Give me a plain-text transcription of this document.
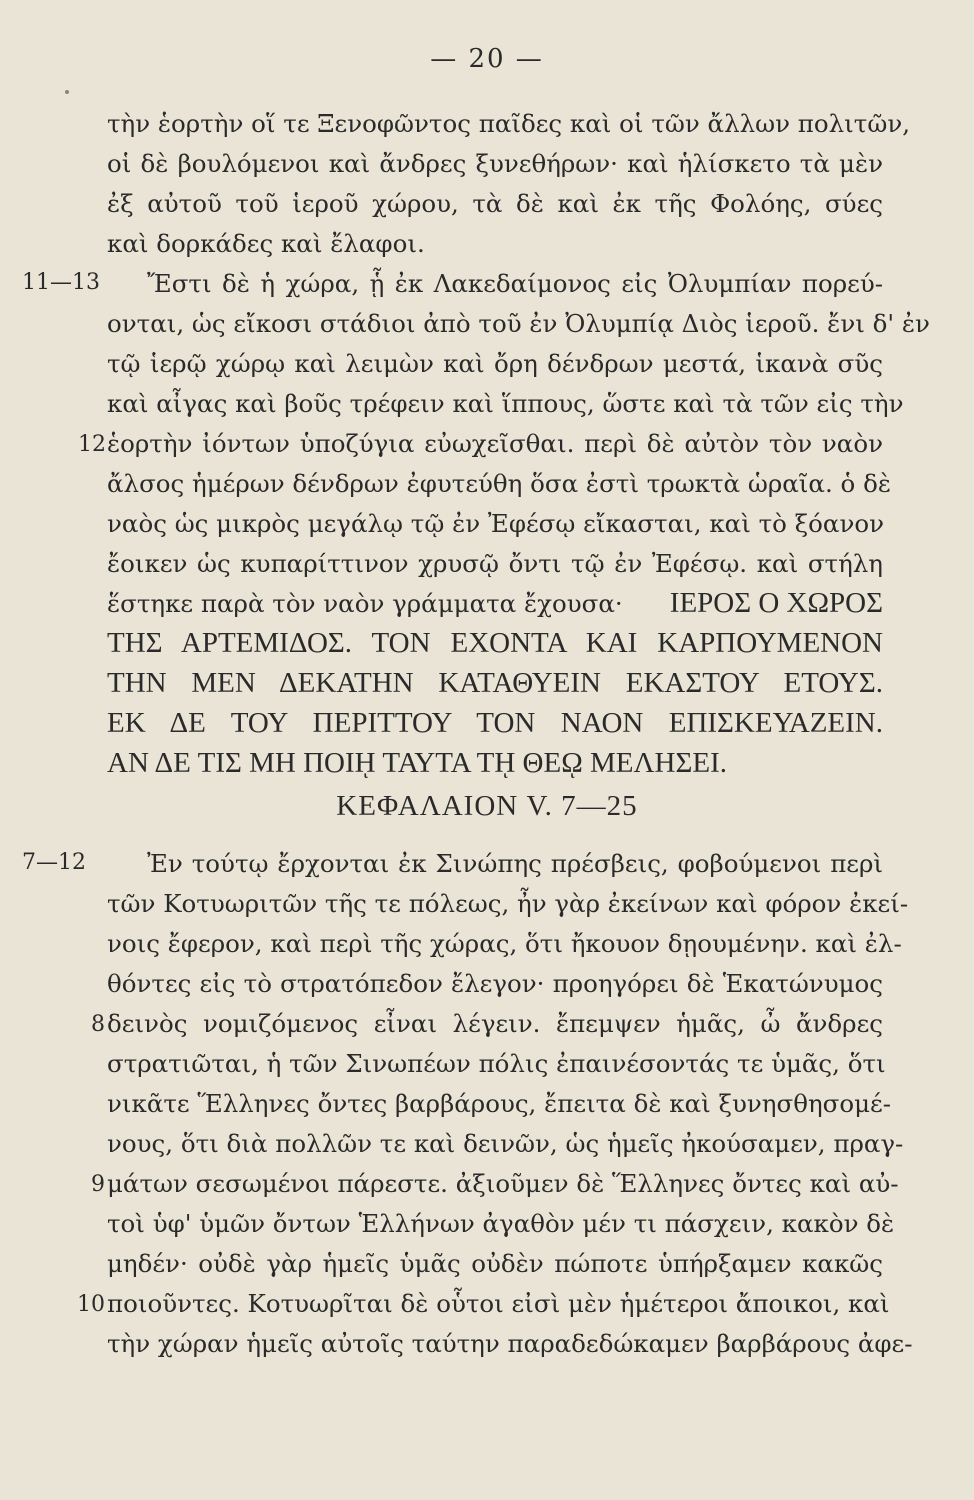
— 20 —
τὴν ἑορτὴν οἵ τε Ξενοφῶντος παῖδες καὶ οἱ τῶν ἄλλων πολιτῶν,
οἱ δὲ βουλόμενοι καὶ ἄνδρες ξυνεθήρων· καὶ ἡλίσκετο τὰ μὲν
ἐξ αὐτοῦ τοῦ ἱεροῦ χώρου, τὰ δὲ καὶ ἐκ τῆς Φολόης, σύες
καὶ δορκάδες καὶ ἔλαφοι.
11—13	Ἔστι δὲ ἡ χώρα, ᾗ ἐκ Λακεδαίμονος εἰς Ὀλυμπίαν πορεύ-
ονται, ὡς εἴκοσι στάδιοι ἀπὸ τοῦ ἐν Ὀλυμπίᾳ Διὸς ἱεροῦ. ἔνι δ' ἐν
τῷ ἱερῷ χώρῳ καὶ λειμὼν καὶ ὄρη δένδρων μεστά, ἱκανὰ σῦς
καὶ αἶγας καὶ βοῦς τρέφειν καὶ ἵππους, ὥστε καὶ τὰ τῶν εἰς τὴν
12 ἑορτὴν ἰόντων ὑποζύγια εὐωχεῖσθαι. περὶ δὲ αὐτὸν τὸν ναὸν
ἄλσος ἡμέρων δένδρων ἐφυτεύθη ὅσα ἐστὶ τρωκτὰ ὡραῖα. ὁ δὲ
ναὸς ὡς μικρὸς μεγάλῳ τῷ ἐν Ἐφέσῳ εἴκασται, καὶ τὸ ξόανον
ἔοικεν ὡς κυπαρίττινον χρυσῷ ὄντι τῷ ἐν Ἐφέσῳ. καὶ στήλη
ἕστηκε παρὰ τὸν ναὸν γράμματα ἔχουσα· ΙΕΡΟΣ Ο ΧΩΡΟΣ
ΤΗΣ ΑΡΤΕΜΙΔΟΣ. ΤΟΝ ΕΧΟΝΤΑ ΚΑΙ ΚΑΡΠΟΥΜΕΝΟΝ
ΤΗΝ ΜΕΝ ΔΕΚΑΤΗΝ ΚΑΤΑΘΥΕΙΝ ΕΚΑΣΤΟΥ ΕΤΟΥΣ.
ΕΚ ΔΕ ΤΟΥ ΠΕΡΙΤΤΟΥ ΤΟΝ ΝΑΟΝ ΕΠΙΣΚΕΥΑΖΕΙΝ.
ΑΝ ΔΕ ΤΙΣ ΜΗ ΠΟΙῌ ΤΑΥΤΑ Τῌ ΘΕῼ ΜΕΛΗΣΕΙ.
ΚΕΦΑΛΑΙΟΝ V. 7—25
7—12	Ἐν τούτῳ ἔρχονται ἐκ Σινώπης πρέσβεις, φοβούμενοι περὶ
τῶν Κοτυωριτῶν τῆς τε πόλεως, ἦν γὰρ ἐκείνων καὶ φόρον ἐκεί-
νοις ἔφερον, καὶ περὶ τῆς χώρας, ὅτι ἤκουον δῃουμένην. καὶ ἐλ-
θόντες εἰς τὸ στρατόπεδον ἔλεγον· προηγόρει δὲ Ἑκατώνυμος
8 δεινὸς νομιζόμενος εἶναι λέγειν. ἔπεμψεν ἡμᾶς, ὦ ἄνδρες
στρατιῶται, ἡ τῶν Σινωπέων πόλις ἐπαινέσοντάς τε ὑμᾶς, ὅτι
νικᾶτε Ἕλληνες ὄντες βαρβάρους, ἔπειτα δὲ καὶ ξυνησθησομέ-
νους, ὅτι διὰ πολλῶν τε καὶ δεινῶν, ὡς ἡμεῖς ἠκούσαμεν, πραγ-
9 μάτων σεσωμένοι πάρεστε. ἀξιοῦμεν δὲ Ἕλληνες ὄντες καὶ αὐ-
τοὶ ὑφ' ὑμῶν ὄντων Ἑλλήνων ἀγαθὸν μέν τι πάσχειν, κακὸν δὲ
μηδέν· οὐδὲ γὰρ ἡμεῖς ὑμᾶς οὐδὲν πώποτε ὑπήρξαμεν κακῶς
10 ποιοῦντες. Κοτυωρῖται δὲ οὗτοι εἰσὶ μὲν ἡμέτεροι ἄποικοι, καὶ
τὴν χώραν ἡμεῖς αὐτοῖς ταύτην παραδεδώκαμεν βαρβάρους ἀφε-
